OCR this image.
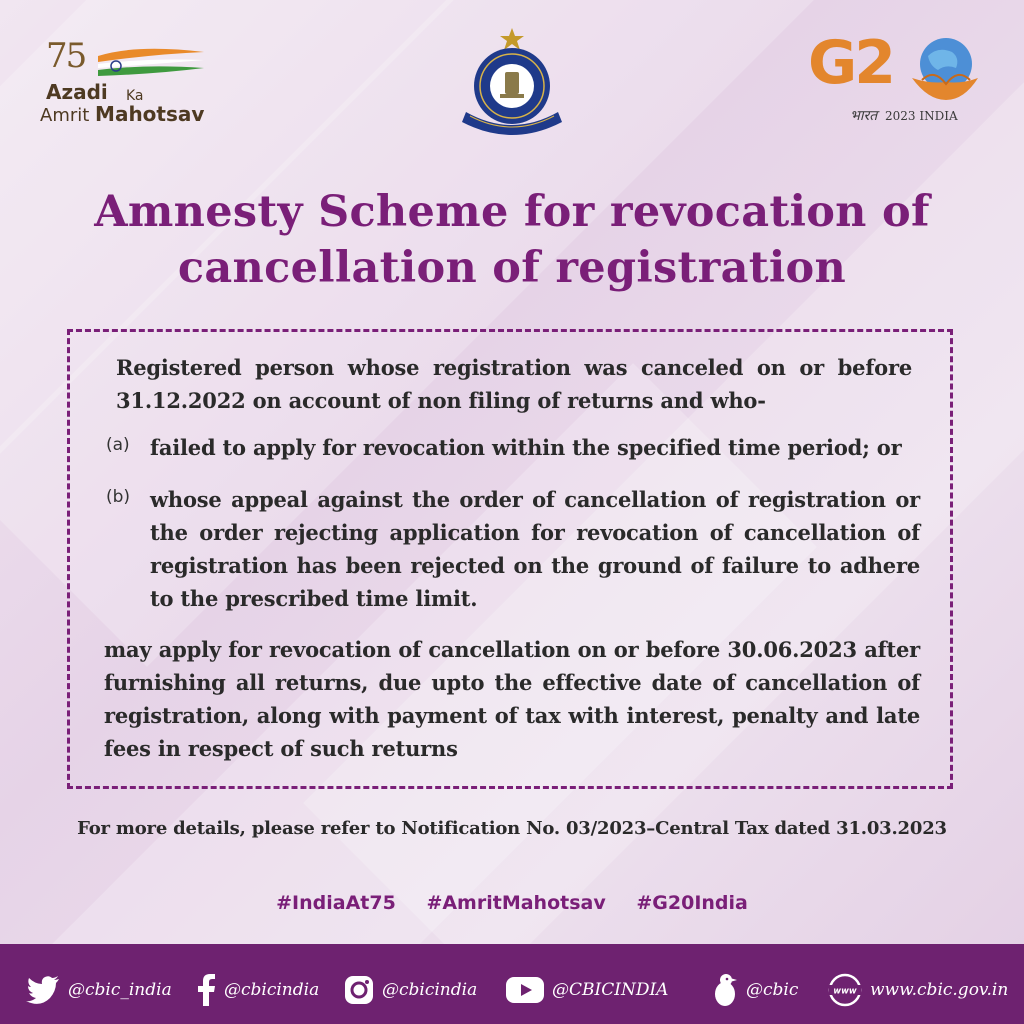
75
Azadi Ka
Amrit Mahotsav
G2
भारत 2023 INDIA
Amnesty Scheme for revocation of cancellation of registration
Registered person whose registration was canceled on or before 31.12.2022 on account of non filing of returns and who-
(a) failed to apply for revocation within the specified time period; or
(b) whose appeal against the order of cancellation of registration or the order rejecting application for revocation of cancellation of registration has been rejected on the ground of failure to adhere to the prescribed time limit.
may apply for revocation of cancellation on or before 30.06.2023 after furnishing all returns, due upto the effective date of cancellation of registration, along with payment of tax with interest, penalty and late fees in respect of such returns
For more details, please refer to Notification No. 03/2023–Central Tax dated 31.03.2023
#IndiaAt75 #AmritMahotsav #G20India
@cbic_india	@cbicindia	@cbicindia	@CBICINDIA	@cbic	www www.cbic.gov.in
